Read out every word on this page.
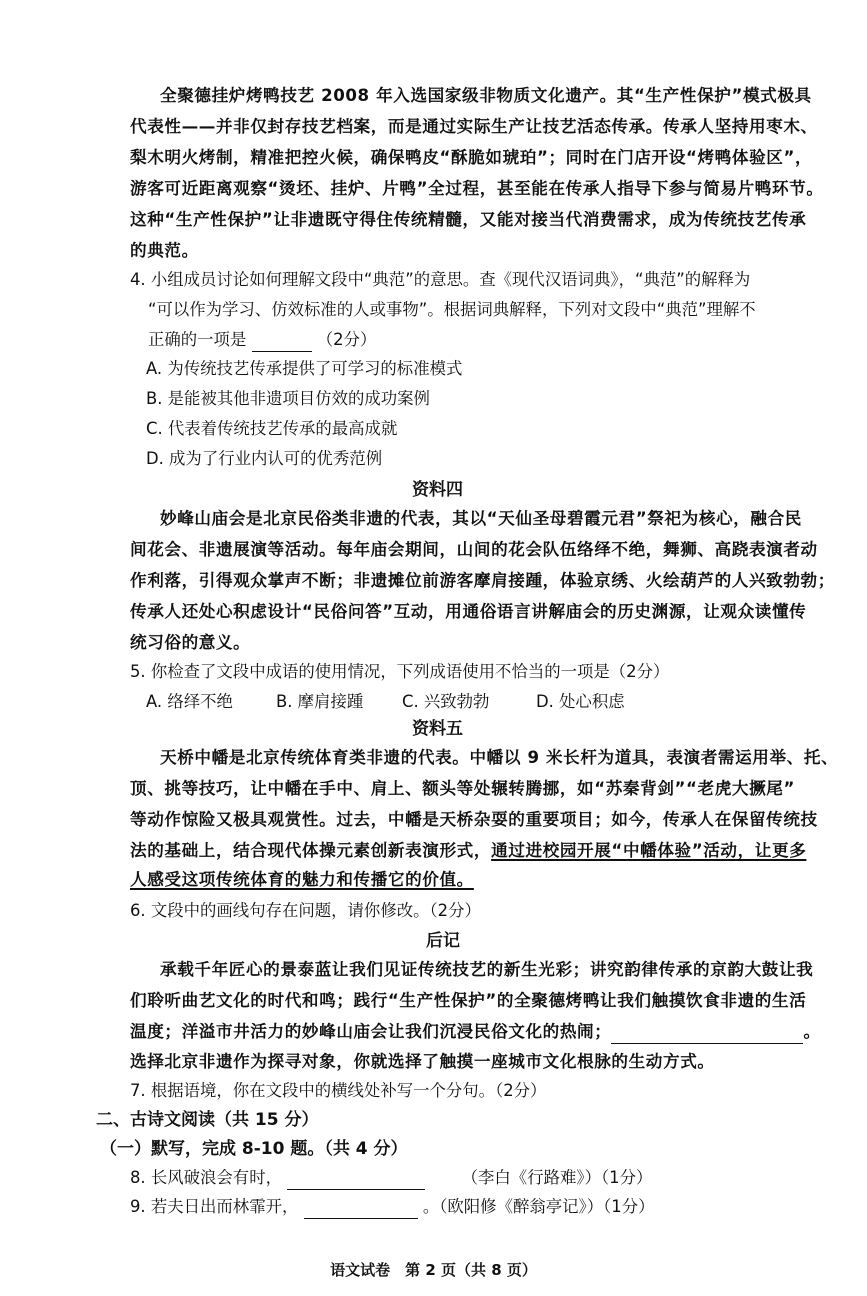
全聚德挂炉烤鸭技艺 2008 年入选国家级非物质文化遗产。其“生产性保护”模式极具
代表性——并非仅封存技艺档案，而是通过实际生产让技艺活态传承。传承人坚持用枣木、
梨木明火烤制，精准把控火候，确保鸭皮“酥脆如琥珀”；同时在门店开设“烤鸭体验区”，
游客可近距离观察“烫坯、挂炉、片鸭”全过程，甚至能在传承人指导下参与简易片鸭环节。
这种“生产性保护”让非遗既守得住传统精髓，又能对接当代消费需求，成为传统技艺传承
的典范。
4. 小组成员讨论如何理解文段中“典范”的意思。查《现代汉语词典》，“典范”的解释为
“可以作为学习、仿效标准的人或事物”。根据词典解释，下列对文段中“典范”理解不
正确的一项是	（2分）
A. 为传统技艺传承提供了可学习的标准模式
B. 是能被其他非遗项目仿效的成功案例
C. 代表着传统技艺传承的最高成就
D. 成为了行业内认可的优秀范例
资料四
妙峰山庙会是北京民俗类非遗的代表，其以“天仙圣母碧霞元君”祭祀为核心，融合民
间花会、非遗展演等活动。每年庙会期间，山间的花会队伍络绎不绝，舞狮、高跷表演者动
作利落，引得观众掌声不断；非遗摊位前游客摩肩接踵，体验京绣、火绘葫芦的人兴致勃勃；
传承人还处心积虑设计“民俗问答”互动，用通俗语言讲解庙会的历史渊源，让观众读懂传
统习俗的意义。
5. 你检查了文段中成语的使用情况，下列成语使用不恰当的一项是（2分）
A. 络绎不绝	B. 摩肩接踵 C. 兴致勃勃	D. 处心积虑
资料五
天桥中幡是北京传统体育类非遗的代表。中幡以 9 米长杆为道具，表演者需运用举、托、
顶、挑等技巧，让中幡在手中、肩上、额头等处辗转腾挪，如“苏秦背剑”“老虎大撅尾”
等动作惊险又极具观赏性。过去，中幡是天桥杂耍的重要项目；如今，传承人在保留传统技
法的基础上，结合现代体操元素创新表演形式，通过进校园开展“中幡体验”活动，让更多
人感受这项传统体育的魅力和传播它的价值。
6. 文段中的画线句存在问题，请你修改。（2分）
后记
承载千年匠心的景泰蓝让我们见证传统技艺的新生光彩；讲究韵律传承的京韵大鼓让我
们聆听曲艺文化的时代和鸣；践行“生产性保护”的全聚德烤鸭让我们触摸饮食非遗的生活
温度；洋溢市井活力的妙峰山庙会让我们沉浸民俗文化的热闹；	。
选择北京非遗作为探寻对象，你就选择了触摸一座城市文化根脉的生动方式。
7. 根据语境，你在文段中的横线处补写一个分句。（2分）
二、古诗文阅读（共 15 分）
（一）默写，完成 8-10 题。（共 4 分）
8. 长风破浪会有时，	（李白《行路难》）（1分）
9. 若夫日出而林霏开，	。（欧阳修《醉翁亭记》）（1分）
语文试卷　第 2 页（共 8 页）
